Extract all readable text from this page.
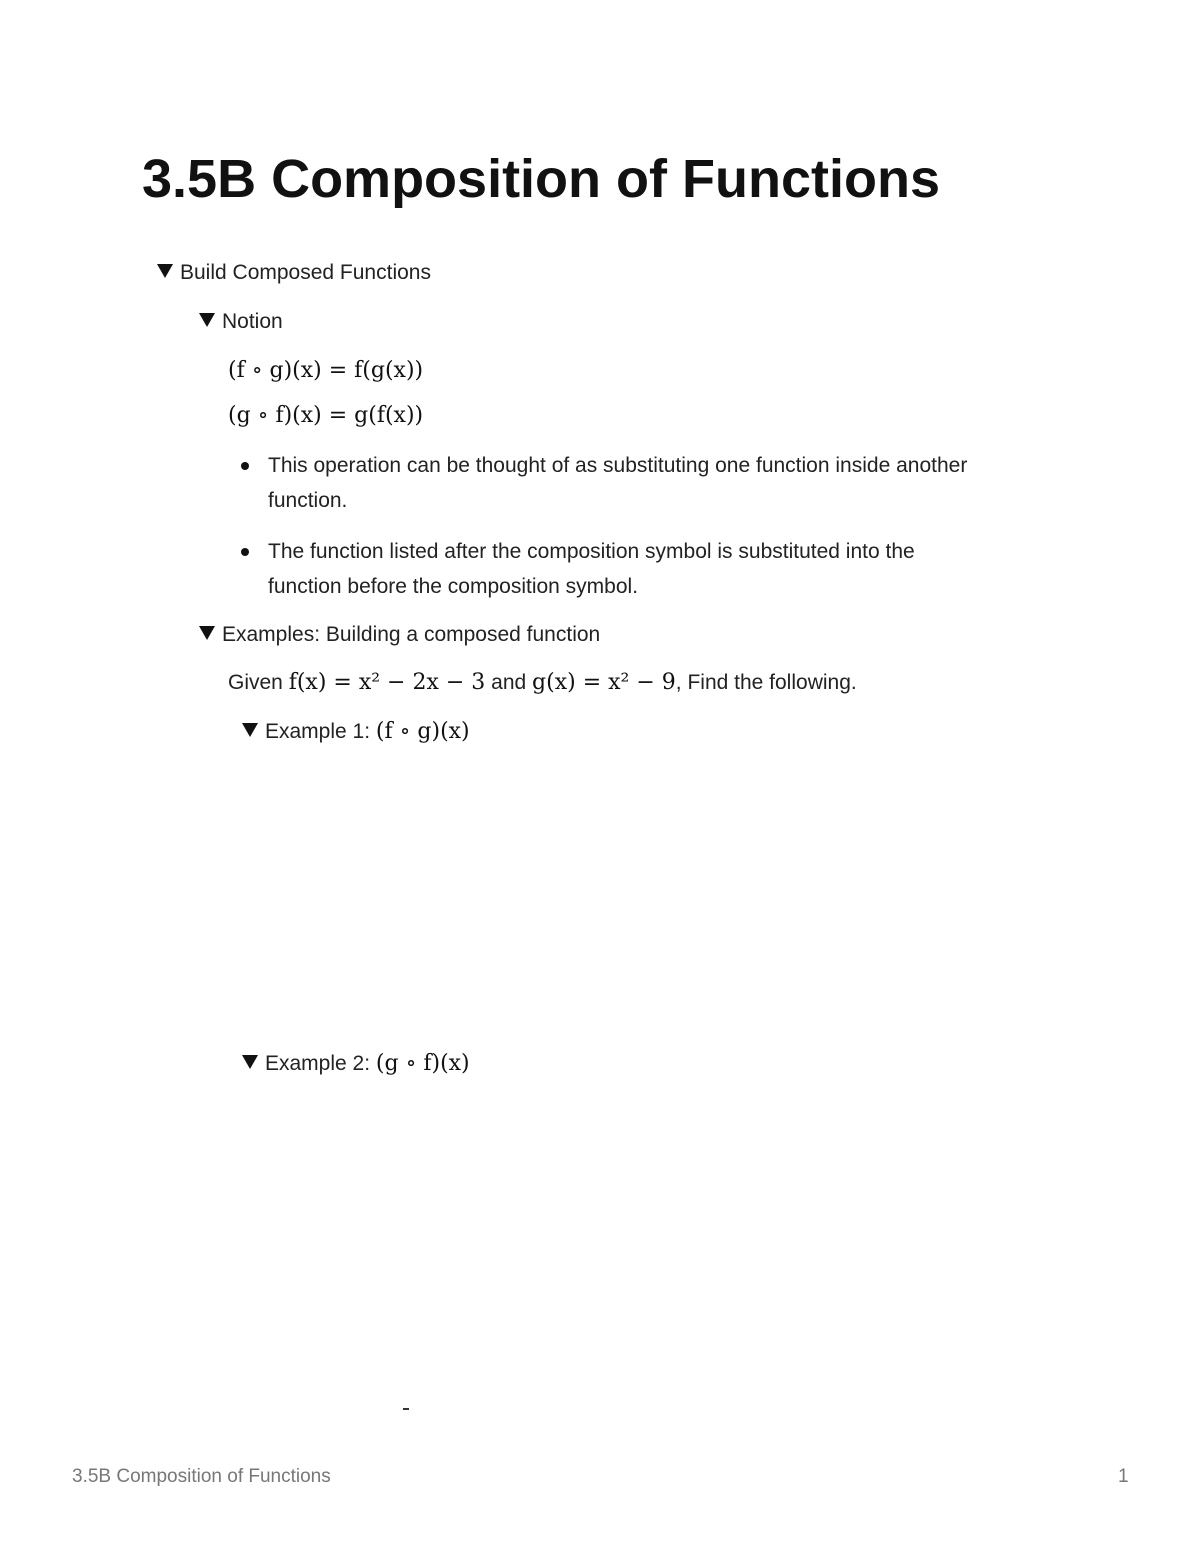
3.5B Composition of Functions
Build Composed Functions
Notion
(f ∘ g)(x) = f(g(x))
(g ∘ f)(x) = g(f(x))
This operation can be thought of as substituting one function inside another
function.
The function listed after the composition symbol is substituted into the
function before the composition symbol.
Examples: Building a composed function
Given f(x) = x² − 2x − 3 and g(x) = x² − 9, Find the following.
Example 1: (f ∘ g)(x)
Example 2: (g ∘ f)(x)
3.5B Composition of Functions	1
